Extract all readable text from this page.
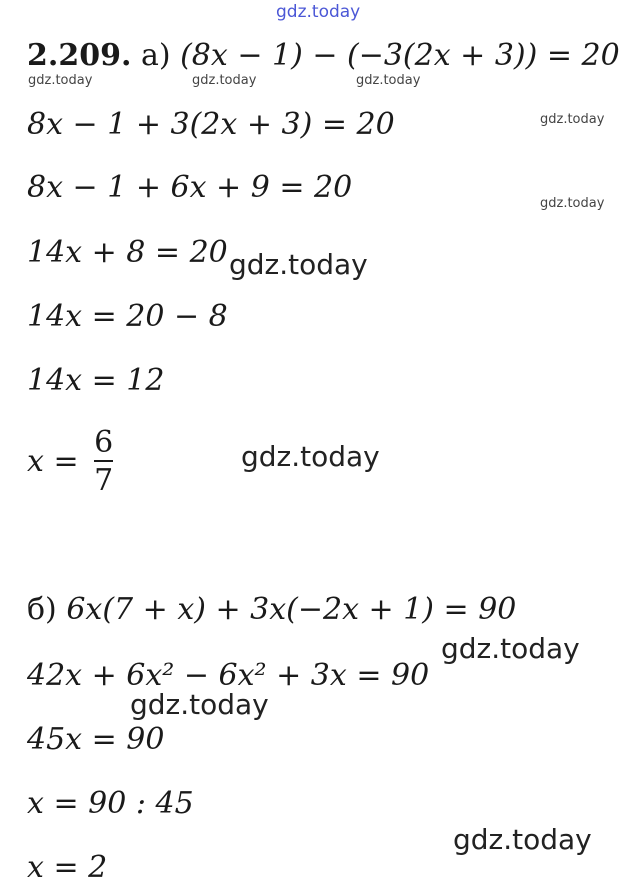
gdz.today
gdz.today	gdz.today	gdz.today
gdz.today
gdz.today
gdz.today
gdz.today
gdz.today
gdz.today
gdz.today
2.209. а) (8x − 1) − (−3(2x + 3)) = 20
8x − 1 + 3(2x + 3) = 20
8x − 1 + 6x + 9 = 20
14x + 8 = 20
14x = 20 − 8
14x = 12
$x = \frac{6}{7}$
б) 6x(7 + x) + 3x(−2x + 1) = 90
42x + 6x² − 6x² + 3x = 90
45x = 90
x = 90 : 45
x = 2
